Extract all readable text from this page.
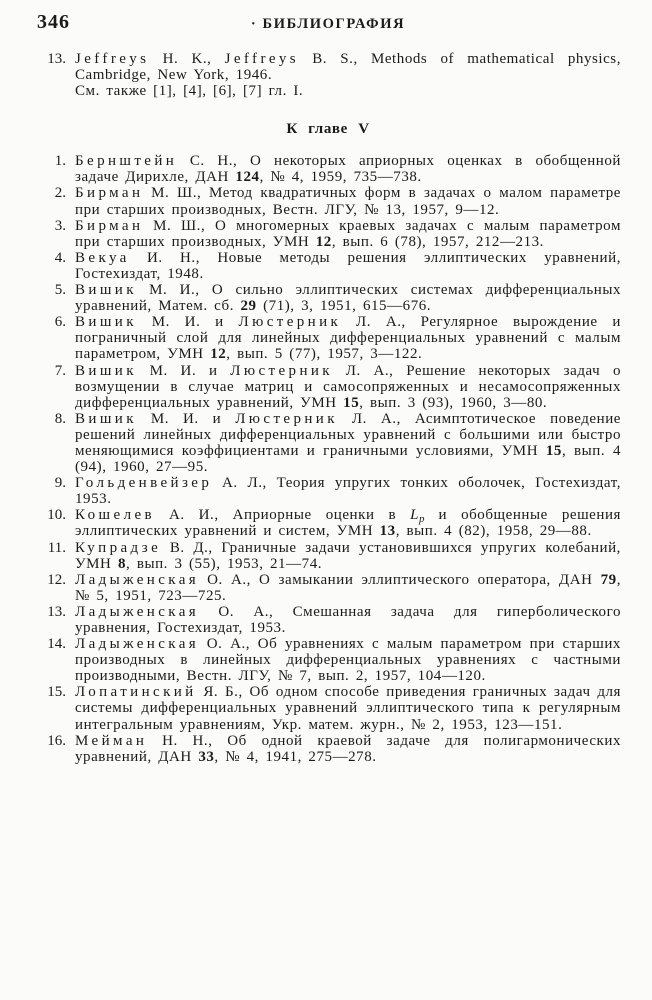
346	· БИБЛИОГРАФИЯ
13. Jeffreys H. K., Jeffreys B. S., Methods of mathematical physics, Cambridge, New York, 1946.
См. также [1], [4], [6], [7] гл. I.
К главе V
1. Бернштейн С. Н., О некоторых априорных оценках в обобщенной задаче Дирихле, ДАН 124, № 4, 1959, 735—738.
2. Бирман М. Ш., Метод квадратичных форм в задачах о малом параметре при старших производных, Вестн. ЛГУ, № 13, 1957, 9—12.
3. Бирман М. Ш., О многомерных краевых задачах с малым параметром при старших производных, УМН 12, вып. 6 (78), 1957, 212—213.
4. Векуа И. Н., Новые методы решения эллиптических уравнений, Гостехиздат, 1948.
5. Вишик М. И., О сильно эллиптических системах дифференциальных уравнений, Матем. сб. 29 (71), 3, 1951, 615—676.
6. Вишик М. И. и Люстерник Л. А., Регулярное вырождение и пограничный слой для линейных дифференциальных уравнений с малым параметром, УМН 12, вып. 5 (77), 1957, 3—122.
7. Вишик М. И. и Люстерник Л. А., Решение некоторых задач о возмущении в случае матриц и самосопряженных и несамосопряженных дифференциальных уравнений, УМН 15, вып. 3 (93), 1960, 3—80.
8. Вишик М. И. и Люстерник Л. А., Асимптотическое поведение решений линейных дифференциальных уравнений с большими или быстро меняющимися коэффициентами и граничными условиями, УМН 15, вып. 4 (94), 1960, 27—95.
9. Гольденвейзер А. Л., Теория упругих тонких оболочек, Гостехиздат, 1953.
10. Кошелев А. И., Априорные оценки в $L_p$ и обобщенные решения эллиптических уравнений и систем, УМН 13, вып. 4 (82), 1958, 29—88.
11. Купрадзе В. Д., Граничные задачи установившихся упругих колебаний, УМН 8, вып. 3 (55), 1953, 21—74.
12. Ладыженская О. А., О замыкании эллиптического оператора, ДАН 79, № 5, 1951, 723—725.
13. Ладыженская О. А., Смешанная задача для гиперболического уравнения, Гостехиздат, 1953.
14. Ладыженская О. А., Об уравнениях с малым параметром при старших производных в линейных дифференциальных уравнениях с частными производными, Вестн. ЛГУ, № 7, вып. 2, 1957, 104—120.
15. Лопатинский Я. Б., Об одном способе приведения граничных задач для системы дифференциальных уравнений эллиптического типа к регулярным интегральным уравнениям, Укр. матем. журн., № 2, 1953, 123—151.
16. Мейман Н. Н., Об одной краевой задаче для полигармонических уравнений, ДАН 33, № 4, 1941, 275—278.
